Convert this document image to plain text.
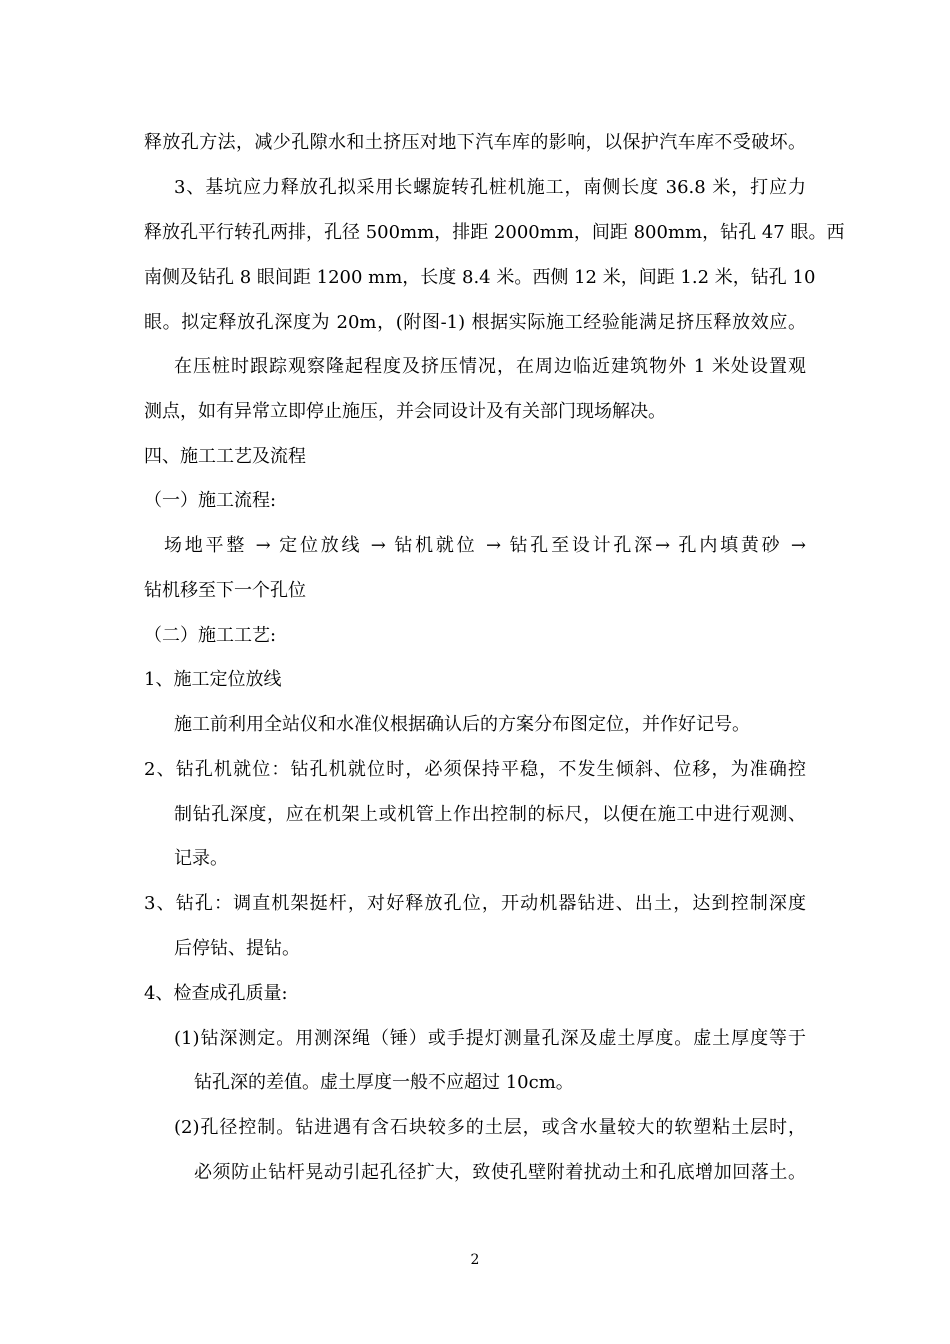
释放孔方法，减少孔隙水和土挤压对地下汽车库的影响，以保护汽车库不受破坏。
3、基坑应力释放孔拟采用长螺旋转孔桩机施工，南侧长度 36.8 米，打应力
释放孔平行转孔两排，孔径 500mm，排距 2000mm，间距 800mm，钻孔 47 眼。西
南侧及钻孔 8 眼间距 1200 mm，长度 8.4 米。西侧 12 米，间距 1.2 米，钻孔 10
眼。拟定释放孔深度为 20m，(附图-1) 根据实际施工经验能满足挤压释放效应。
在压桩时跟踪观察隆起程度及挤压情况，在周边临近建筑物外 1 米处设置观
测点，如有异常立即停止施压，并会同设计及有关部门现场解决。
四、施工工艺及流程
（一）施工流程:
场地平整 → 定位放线 → 钻机就位 → 钻孔至设计孔深→ 孔内填黄砂 →
钻机移至下一个孔位
（二）施工工艺:
1、施工定位放线
施工前利用全站仪和水准仪根据确认后的方案分布图定位，并作好记号。
2、钻孔机就位：钻孔机就位时，必须保持平稳，不发生倾斜、位移，为准确控
制钻孔深度，应在机架上或机管上作出控制的标尺，以便在施工中进行观测、
记录。
3、钻孔：调直机架挺杆，对好释放孔位，开动机器钻进、出土，达到控制深度
后停钻、提钻。
4、检查成孔质量:
(1)钻深测定。用测深绳（锤）或手提灯测量孔深及虚土厚度。虚土厚度等于
钻孔深的差值。虚土厚度一般不应超过 10cm。
(2)孔径控制。钻进遇有含石块较多的土层，或含水量较大的软塑粘土层时，
必须防止钻杆晃动引起孔径扩大，致使孔壁附着扰动土和孔底增加回落土。
2
